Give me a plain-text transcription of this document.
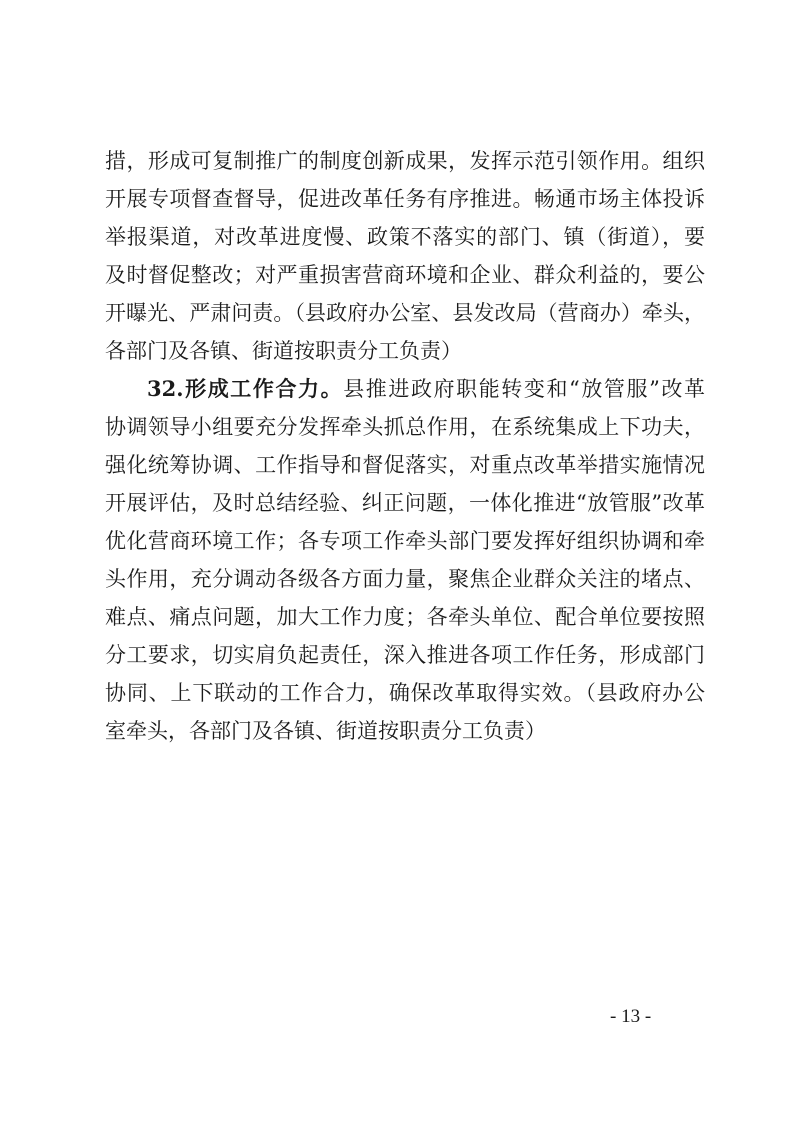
措，形成可复制推广的制度创新成果，发挥示范引领作用。组织
开展专项督查督导，促进改革任务有序推进。畅通市场主体投诉
举报渠道，对改革进度慢、政策不落实的部门、镇（街道），要
及时督促整改；对严重损害营商环境和企业、群众利益的，要公
开曝光、严肃问责。（县政府办公室、县发改局（营商办）牵头，
各部门及各镇、街道按职责分工负责）
32.形成工作合力。县推进政府职能转变和“放管服”改革
协调领导小组要充分发挥牵头抓总作用，在系统集成上下功夫，
强化统筹协调、工作指导和督促落实，对重点改革举措实施情况
开展评估，及时总结经验、纠正问题，一体化推进“放管服”改革
优化营商环境工作；各专项工作牵头部门要发挥好组织协调和牵
头作用，充分调动各级各方面力量，聚焦企业群众关注的堵点、
难点、痛点问题，加大工作力度；各牵头单位、配合单位要按照
分工要求，切实肩负起责任，深入推进各项工作任务，形成部门
协同、上下联动的工作合力，确保改革取得实效。（县政府办公
室牵头，各部门及各镇、街道按职责分工负责）
- 13 -
